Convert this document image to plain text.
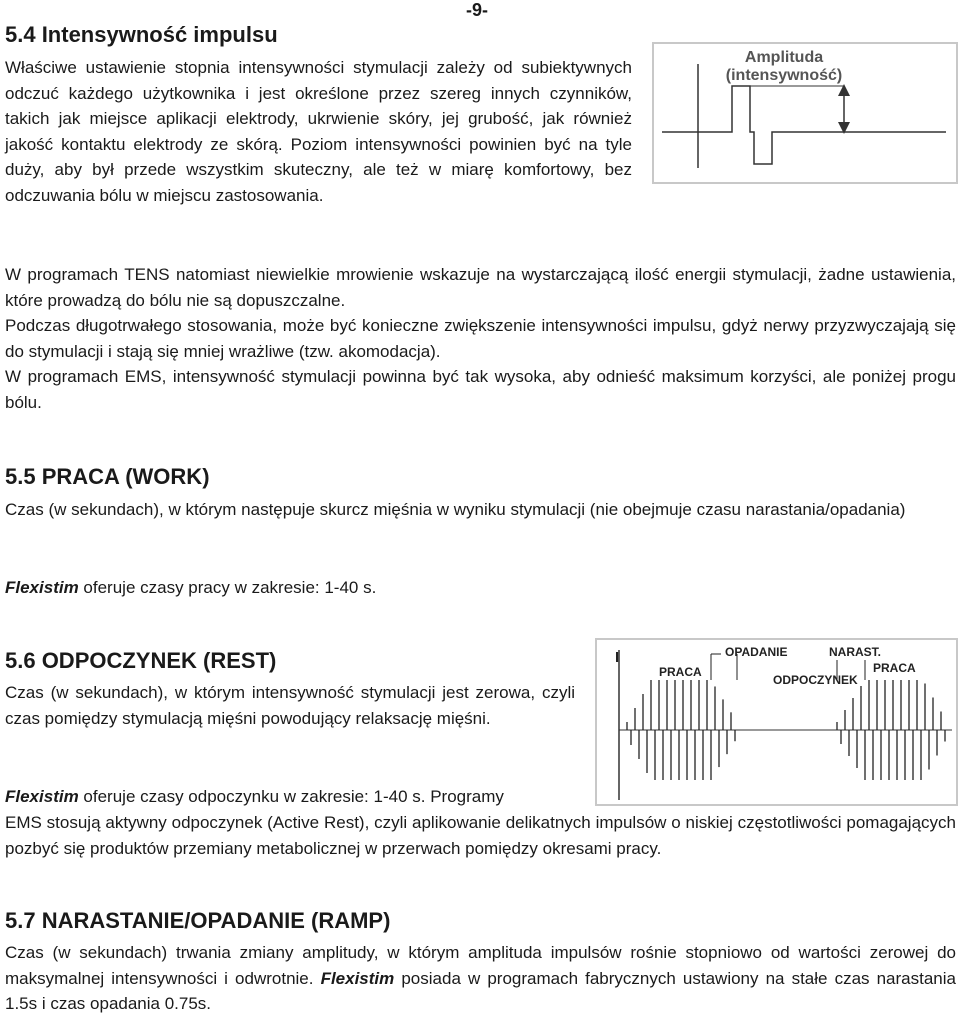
-9-
5.4 Intensywność impulsu

Właściwe ustawienie stopnia intensywności stymulacji zależy od subiektywnych odczuć każdego użytkownika i jest określone przez szereg innych czynników, takich jak miejsce aplikacji elektrody, ukrwienie skóry, jej grubość, jak również jakość kontaktu elektrody ze skórą. Poziom intensywności powinien być na tyle duży, aby był przede wszystkim skuteczny, ale też w miarę komfortowy, bez odczuwania bólu w miejscu zastosowania.

Amplituda
(intensywność)

W programach TENS natomiast niewielkie mrowienie wskazuje na wystarczającą ilość energii stymulacji, żadne ustawienia, które prowadzą do bólu nie są dopuszczalne.

Podczas długotrwałego stosowania, może być konieczne zwiększenie intensywności impulsu, gdyż nerwy przyzwyczajają się do stymulacji i stają się mniej wrażliwe (tzw. akomodacja).

W programach EMS, intensywność stymulacji powinna być tak wysoka, aby odnieść maksimum korzyści, ale poniżej progu bólu.

5.5 PRACA (WORK)

Czas (w sekundach), w którym następuje skurcz mięśnia w wyniku stymulacji (nie obejmuje czasu narastania/opadania)

Flexistim oferuje czasy pracy w zakresie: 1-40 s.

5.6 ODPOCZYNEK (REST)

Czas (w sekundach), w którym intensywność stymulacji jest zerowa, czyli czas pomiędzy stymulacją mięśni powodujący relaksację mięśni.

I	OPADANIE	NARAST.
PRACA
ODPOCZYNEK
PRACA

Flexistim oferuje czasy odpoczynku w zakresie: 1-40 s. Programy

EMS stosują aktywny odpoczynek (Active Rest), czyli aplikowanie delikatnych impulsów o niskiej częstotliwości pomagających pozbyć się produktów przemiany metabolicznej w przerwach pomiędzy okresami pracy.

5.7 NARASTANIE/OPADANIE (RAMP)

Czas (w sekundach) trwania zmiany amplitudy, w którym amplituda impulsów rośnie stopniowo od wartości zerowej do maksymalnej intensywności i odwrotnie. Flexistim posiada w programach fabrycznych ustawiony na stałe czas narastania 1.5s i czas opadania 0.75s.
